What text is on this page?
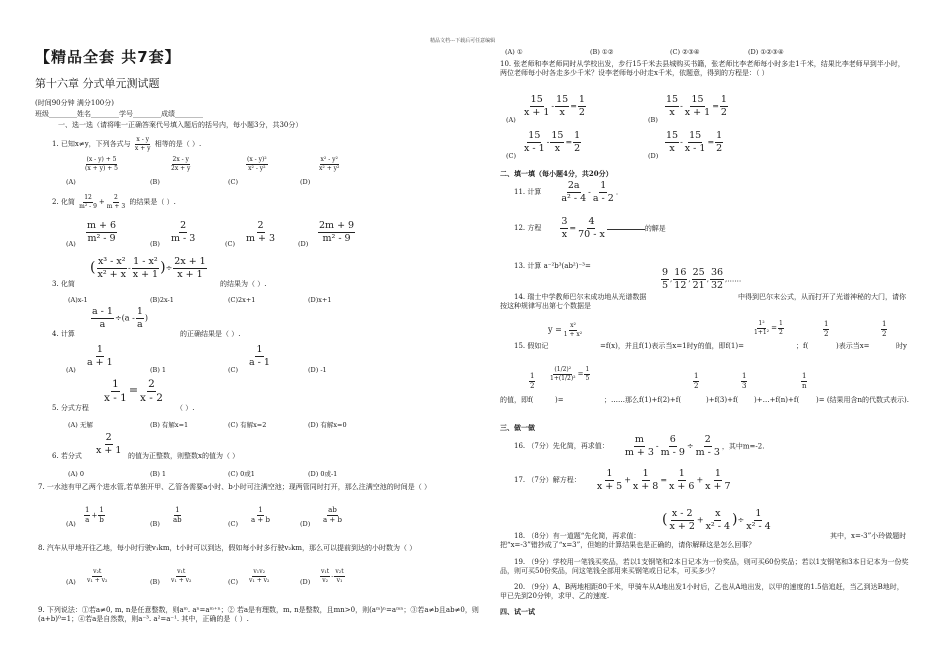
精品文档---下载后可任意编辑
【精品全套 共7套】
第十六章 分式单元测试题
(时间90分钟 满分100分)
班级________姓名________学号________成绩________
一、选一选（请将唯一正确答案代号填入题后的括号内，每小题3分，共30分）
1. 已知x≠y，下列各式与 $\frac{x - y}{x + y}$ 相等的是（ ）.
(A)
$\frac{(x - y) + 5}{(x + y) + 5}$
(B)
$\frac{2x - y}{2x + y}$
(C)
$\frac{\text{(x - y)²}}{\text{x² - y²}}$
(D)
$\frac{\text{x² - y²}}{\text{x² + y²}}$
2. 化简 $\frac{12}{\text{m² - 9}} + \frac{2}{m + 3}$ 的结果是（ ）.
$(A) \frac{m + 6}{\text{m² - 9}}$	$(B) \frac{2}{m - 3}$	$(C) \frac{2}{m + 3}$	$(D) \frac{2m + 9}{\text{m² - 9}}$
( $\frac{\text{x³ - x²}}{\text{x² + x}} - \frac{\text{1 - x²}}{x + 1}$ )÷ $\frac{2x + 1}{x + 1}$
3. 化简	的结果为（ ）.
(A)x-1	(B)2x-1	(C)2x+1	(D)x+1
$\frac{a - 1}{a} \div(a - \frac{1}{a}$ )
4. 计算	的正确结果是（ ）.
(A)
$\frac{1}{a + 1}$
(B) 1	(C)
$\frac{1}{a - 1}$
(D) -1
$\frac{1}{x - 1} = \frac{2}{x - 2}$
5. 分式方程	（ ）.
(A) 无解	(B) 有解x=1	(C) 有解x=2	(D) 有解x=0
$\frac{2}{x + 1}$
6. 若分式	的值为正整数，则整数x的值为（ ）
(A) 0	(B) 1	(C) 0或1	(D) 0或-1
7. 一水池有甲乙两个进水管,若单独开甲、乙管各需要a小时、b小时可注满空池；现两管同时打开，那么注满空池的时间是（ ）
$(A) \frac{1}{a} + \frac{1}{b}$	$(B) \frac{1}{ab}$	$(C) \frac{1}{a + b}$	$(D) \frac{ab}{a + b}$
8. 汽车从甲地开往乙地，每小时行驶v₁km，t小时可以到达，假如每小时多行驶v₂km，那么可以提前到达的小时数为（ ）
$(A) \frac{\text{v₂t}}{\text{v₁ + v₂}}$	$(B) \frac{\text{v₁t}}{\text{v₁ + v₂}}$	$(C) \frac{\text{v₁v₂}}{\text{v₁ + v₂}}$	$(D) \frac{\text{v₁t}}{\text{v₂}} - \frac{\text{v₂t}}{\text{v₁}}$
9. 下列说法：①若a≠0, m, n是任意整数，则aᵐ. aⁿ=aᵐ⁺ⁿ；② 若a是有理数，m, n是整数，且mn>0，则(aᵐ)ⁿ=aᵐⁿ；③若a≠b且ab≠0，则(a+b)⁰=1；④若a是自然数，则a⁻³. a²=a⁻¹. 其中，正确的是（ ）.
(A) ①	(B) ①②	(C) ②③④	(D) ①②③④
10. 张老师和李老师同时从学校出发，步行15千米去县城购买书籍，张老师比李老师每小时多走1千米，结果比李老师早到半小时，两位老师每小时各走多少千米？设李老师每小时走x千米，依题意，得到的方程是：（ ）
(A)
$\frac{15}{x + 1} - \frac{15}{x} = \frac{1}{2}$
(B)
$\frac{15}{x} - \frac{15}{x + 1} = \frac{1}{2}$
(C)
$\frac{15}{x - 1} - \frac{15}{x} = \frac{1}{2}$
(D)
$\frac{15}{x} - \frac{15}{x - 1} = \frac{1}{2}$
二、填一填（每小题4分，共20分）
11. 计算 $\frac{2a}{\text{a² - 4}} - \frac{1}{a - 2}$ .
12. 方程 $\frac{3}{x} = \frac{4}{70 - x}$	的解是
13. 计算 a⁻²b³(ab²)⁻³=
$\frac{9}{5}$ , $\frac{16}{12}$ , $\frac{25}{21}$ , $\frac{36}{32}$ ,……
14. 瑞士中学教师巴尔末成功地从光谱数据	中得到巴尔末公式，从而打开了光谱神秘的大门，请你按这种规律写出第七个数据是
$y = \frac{\text{x²}}{\text{1 + x²}}$	$\frac{\text{1²}}{\text{1+1²}} = \frac{1}{2}$	$\frac{1}{2}$	$\frac{1}{2}$
15. 假如记	=f(x)，并且f(1)表示当x=1时y的值，即f(1)=	；f(	)表示当x=	时y
$\frac{1}{2} \frac{\text{(1/2)²}}{\text{1+(1/2)²}} = \frac{1}{5}$	$\frac{1}{2}$	$\frac{1}{3}$	$\frac{1}{n}$
的值，即f(	)=	；……那么f(1)+f(2)+f(	)+f(3)+f( )+…+f(n)+f(	)= (结果用含n的代数式表示).
三、做一做
16. （7分）先化简，再求值： $\frac{m}{m + 3} - \frac{6}{m - 9} \div \frac{2}{m - 3}$ ，其中m=-2.
17. （7分）解方程： $\frac{1}{x + 5} + \frac{1}{x + 8} = \frac{1}{x + 6} + \frac{1}{x + 7}$
( $\frac{x - 2}{x + 2} + \frac{x}{\text{x² - 4}}$ )÷ $\frac{1}{\text{x² - 4}}$
18. （8分）有一道题“先化简，再求值：	其中，x=-3”小玲做题时把“x=-3”错抄成了“x=3”，但她的计算结果也是正确的，请你解释这是怎么回事？
19. （9分）学校用一笔钱买奖品，若以1支钢笔和2本日记本为一份奖品，则可买60份奖品；若以1支钢笔和3本日记本为一份奖品，则可买50份奖品，问这笔钱全部用来买钢笔或日记本，可买多少？
20. （9分）A、B两地相距80千米，甲骑车从A地出发1小时后，乙也从A地出发，以甲的速度的1.5倍追赶，当乙到达B地时，甲已先到20分钟，求甲、乙的速度.
四、试一试
